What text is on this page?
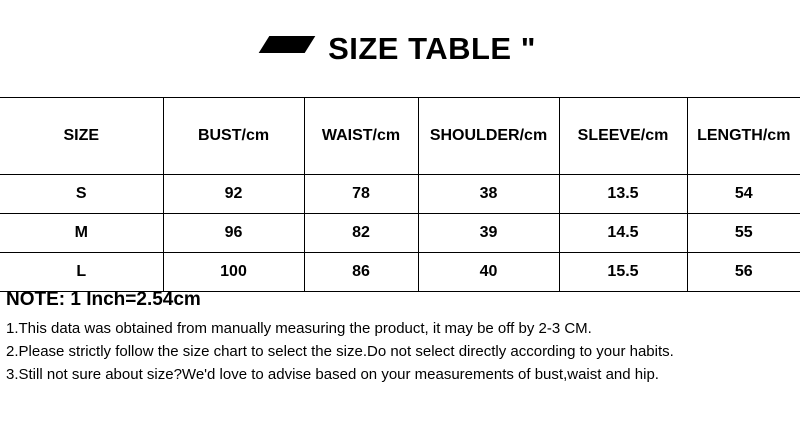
SIZE TABLE "
SIZE	BUST/cm	WAIST/cm	SHOULDER/cm	SLEEVE/cm	LENGTH/cm
S	92	78	38	13.5	54
M	96	82	39	14.5	55
L	100	86	40	15.5	56

NOTE: 1 Inch=2.54cm

1.This data was obtained from manually measuring the product, it may be off by 2-3 CM.

2.Please strictly follow the size chart to select the size.Do not select directly according to your habits.

3.Still not sure about size?We'd love to advise based on your measurements of bust,waist and hip.
